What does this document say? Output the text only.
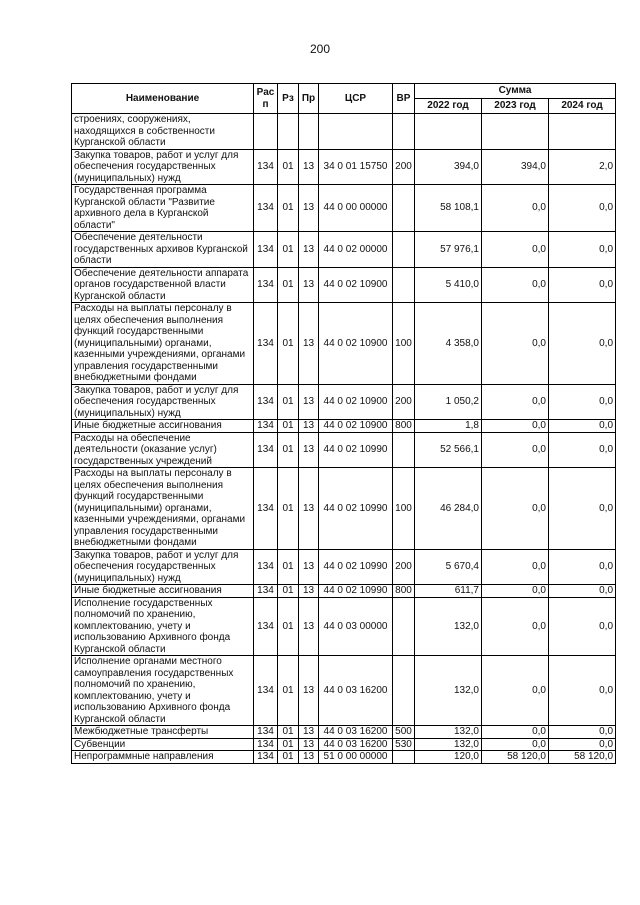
200
Наименование	Рас п	Рз	Пр	ЦСР	ВР	Сумма		
						2022 год	2023 год	2024 год
строениях, сооружениях, находящихся в собственности Курганской области								
Закупка товаров, работ и услуг для обеспечения государственных (муниципальных) нужд	134	01	13	34 0 01 15750	200	394,0	394,0	2,0
Государственная программа Курганской области "Развитие архивного дела в Курганской области"	134	01	13	44 0 00 00000		58 108,1	0,0	0,0
Обеспечение деятельности государственных архивов Курганской области	134	01	13	44 0 02 00000		57 976,1	0,0	0,0
Обеспечение деятельности аппарата органов государственной власти Курганской области	134	01	13	44 0 02 10900		5 410,0	0,0	0,0
Расходы на выплаты персоналу в целях обеспечения выполнения функций государственными (муниципальными) органами, казенными учреждениями, органами управления государственными внебюджетными фондами	134	01	13	44 0 02 10900	100	4 358,0	0,0	0,0
Закупка товаров, работ и услуг для обеспечения государственных (муниципальных) нужд	134	01	13	44 0 02 10900	200	1 050,2	0,0	0,0
Иные бюджетные ассигнования	134	01	13	44 0 02 10900	800	1,8	0,0	0,0
Расходы на обеспечение деятельности (оказание услуг) государственных учреждений	134	01	13	44 0 02 10990		52 566,1	0,0	0,0
Расходы на выплаты персоналу в целях обеспечения выполнения функций государственными (муниципальными) органами, казенными учреждениями, органами управления государственными внебюджетными фондами	134	01	13	44 0 02 10990	100	46 284,0	0,0	0,0
Закупка товаров, работ и услуг для обеспечения государственных (муниципальных) нужд	134	01	13	44 0 02 10990	200	5 670,4	0,0	0,0
Иные бюджетные ассигнования	134	01	13	44 0 02 10990	800	611,7	0,0	0,0
Исполнение государственных полномочий по хранению, комплектованию, учету и использованию Архивного фонда Курганской области	134	01	13	44 0 03 00000		132,0	0,0	0,0
Исполнение органами местного самоуправления государственных полномочий по хранению, комплектованию, учету и использованию Архивного фонда Курганской области	134	01	13	44 0 03 16200		132,0	0,0	0,0
Межбюджетные трансферты	134	01	13	44 0 03 16200	500	132,0	0,0	0,0
Субвенции	134	01	13	44 0 03 16200	530	132,0	0,0	0,0
Непрограммные направления	134	01	13	51 0 00 00000		120,0	58 120,0	58 120,0
